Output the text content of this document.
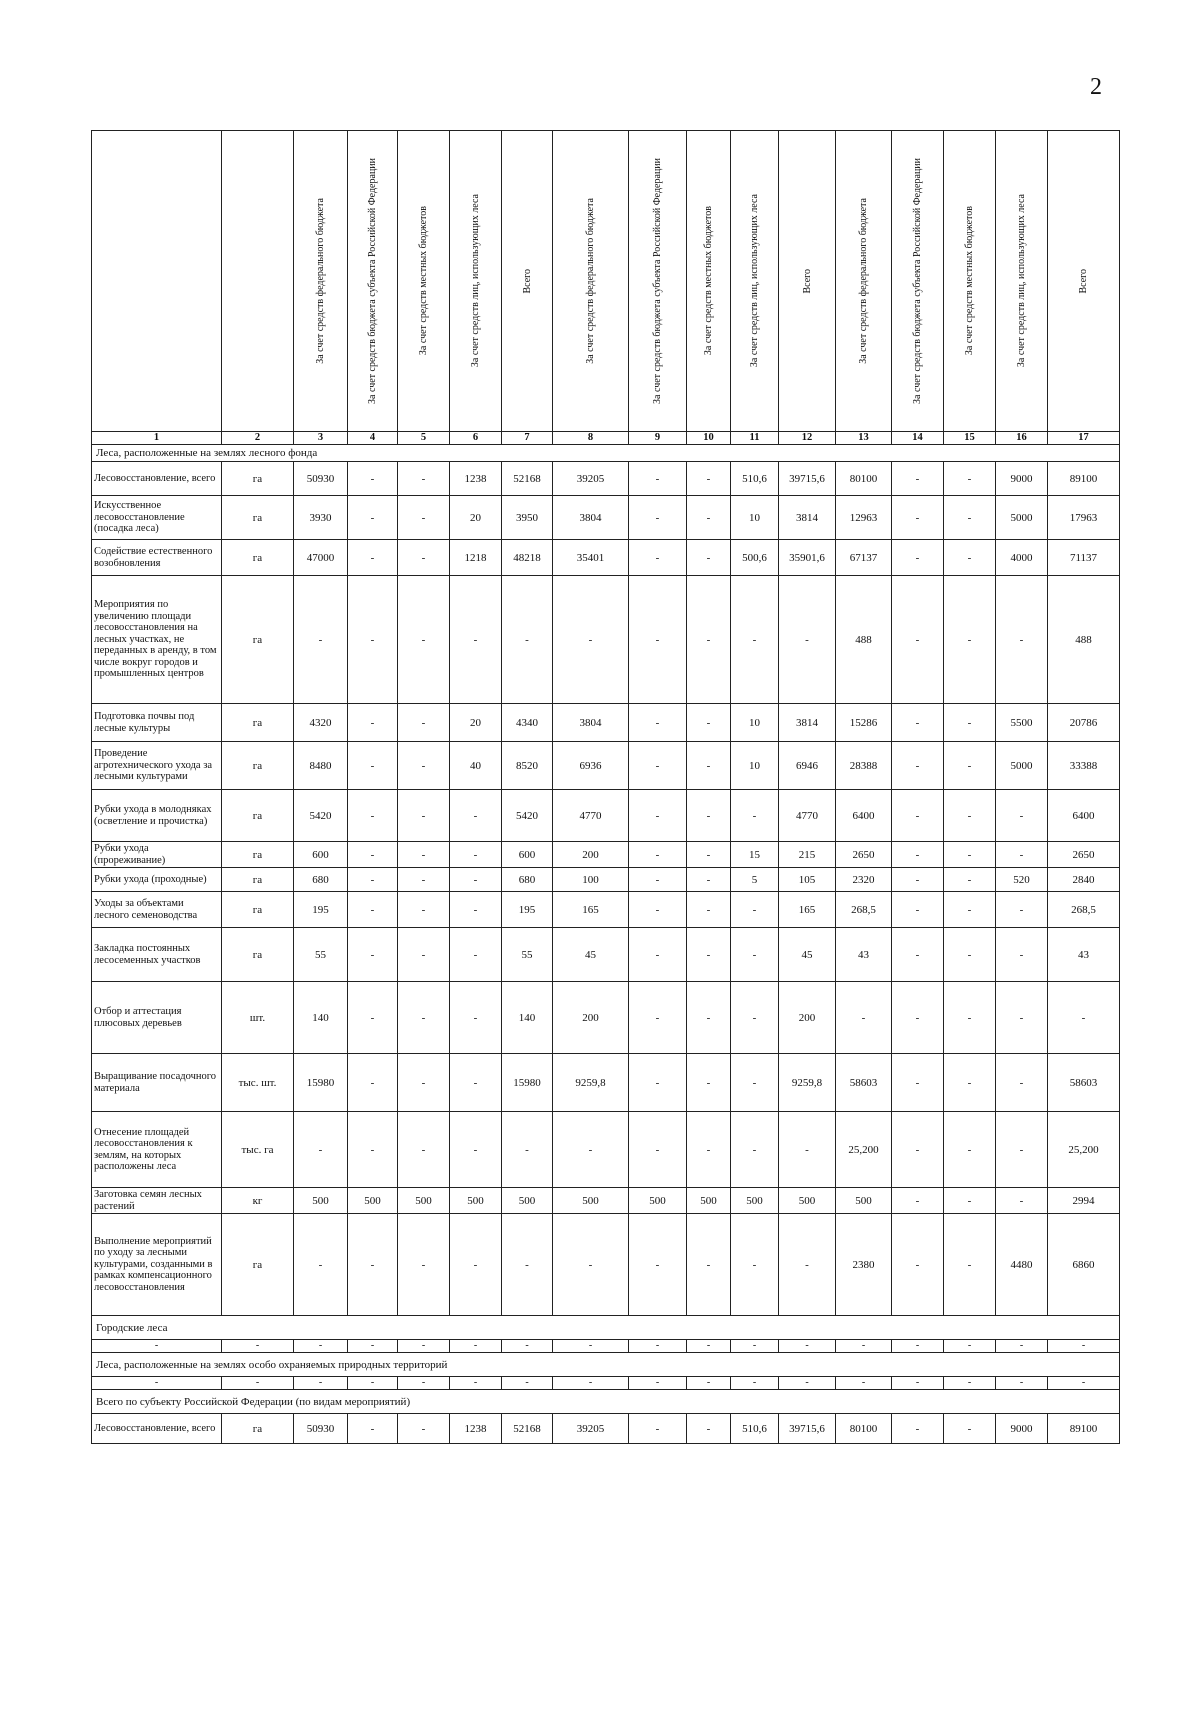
2

		За счет средств федерального бюджета	За счет средств бюджета субъекта Российской Федерации	За счет средств местных бюджетов	За счет средств лиц, использующих леса	Всего	За счет средств федерального бюджета	За счет средств бюджета субъекта Российской Федерации	За счет средств местных бюджетов	За счет средств лиц, использующих леса	Всего	За счет средств федерального бюджета	За счет средств бюджета субъекта Российской Федерации	За счет средств местных бюджетов	За счет средств лиц, использующих леса	Всего

1	2	3	4	5	6	7	8	9	10	11	12	13	14	15	16	17
Леса, расположенные на землях лесного фонда																
Лесовосстановление, всего	га	50930	-	-	1238	52168	39205	-	-	510,6	39715,6	80100	-	-	9000	89100
Искусственное лесовосстановление (посадка леса)	га	3930	-	-	20	3950	3804	-	-	10	3814	12963	-	-	5000	17963
Содействие естественного возобновления	га	47000	-	-	1218	48218	35401	-	-	500,6	35901,6	67137	-	-	4000	71137
Мероприятия по увеличению площади лесовосстановления на лесных участках, не переданных в аренду, в том числе вокруг городов и промышленных центров	га	-	-	-	-	-	-	-	-	-	-	488	-	-	-	488
Подготовка почвы под лесные культуры	га	4320	-	-	20	4340	3804	-	-	10	3814	15286	-	-	5500	20786
Проведение агротехнического ухода за лесными культурами	га	8480	-	-	40	8520	6936	-	-	10	6946	28388	-	-	5000	33388
Рубки ухода в молодняках (осветление и прочистка)	га	5420	-	-	-	5420	4770	-	-	-	4770	6400	-	-	-	6400
Рубки ухода (прореживание)	га	600	-	-	-	600	200	-	-	15	215	2650	-	-	-	2650
Рубки ухода (проходные)	га	680	-	-	-	680	100	-	-	5	105	2320	-	-	520	2840
Уходы за объектами лесного семеноводства	га	195	-	-	-	195	165	-	-	-	165	268,5	-	-	-	268,5
Закладка постоянных лесосеменных участков	га	55	-	-	-	55	45	-	-	-	45	43	-	-	-	43
Отбор и аттестация плюсовых деревьев	шт.	140	-	-	-	140	200	-	-	-	200	-	-	-	-	-
Выращивание посадочного материала	тыс. шт.	15980	-	-	-	15980	9259,8	-	-	-	9259,8	58603	-	-	-	58603
Отнесение площадей лесовосстановления к землям, на которых расположены леса	тыс. га	-	-	-	-	-	-	-	-	-	-	25,200	-	-	-	25,200
Заготовка семян лесных растений	кг	500	500	500	500	500	500	500	500	500	500	500	-	-	-	2994
Выполнение мероприятий по уходу за лесными культурами, созданными в рамках компенсационного лесовосстановления	га	-	-	-	-	-	-	-	-	-	-	2380	-	-	4480	6860
Городские леса																
-	-	-	-	-	-	-	-	-	-	-	-	-	-	-	-	-
Леса, расположенные на землях особо охраняемых природных территорий																
-	-	-	-	-	-	-	-	-	-	-	-	-	-	-	-	-
Всего по субъекту Российской Федерации (по видам мероприятий)																
Лесовосстановление, всего	га	50930	-	-	1238	52168	39205	-	-	510,6	39715,6	80100	-	-	9000	89100
